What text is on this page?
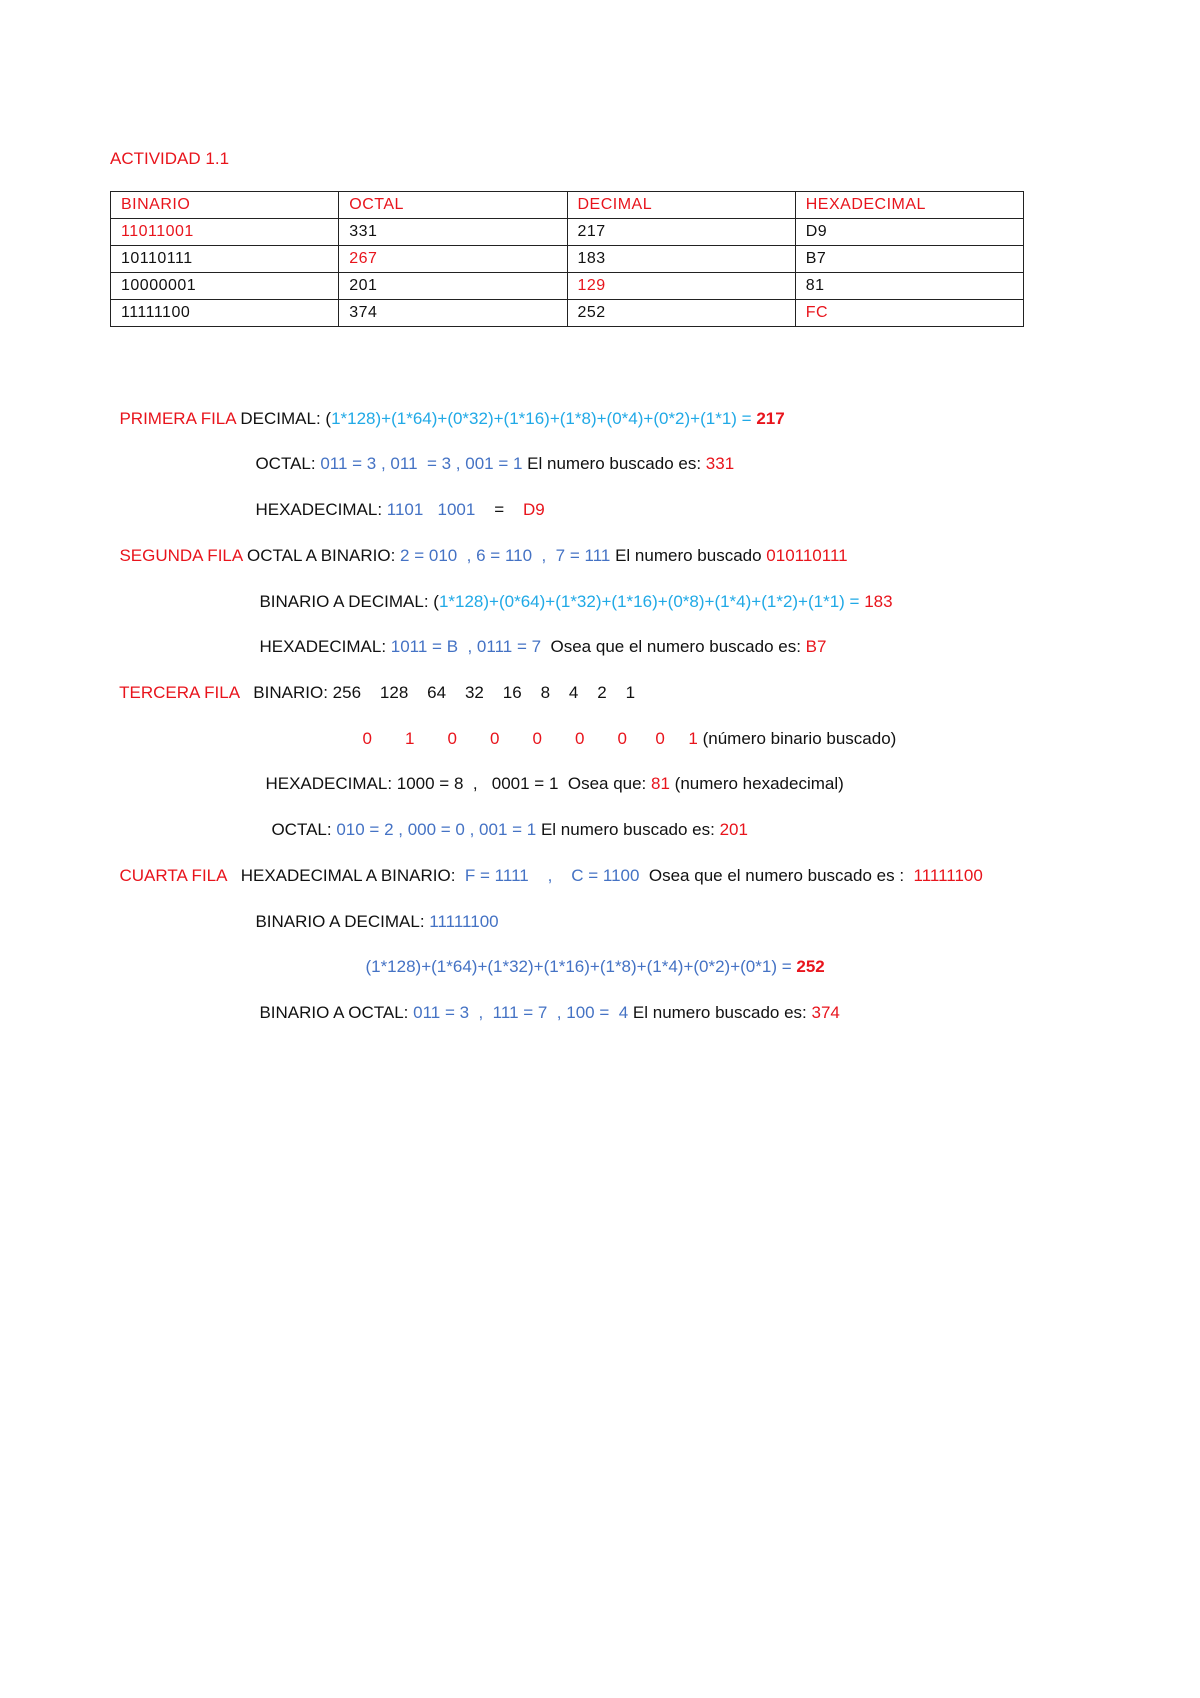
ACTIVIDAD 1.1
BINARIO	OCTAL	DECIMAL	HEXADECIMAL
11011001	331	217	D9
10110111	267	183	B7
10000001	201	129	81
11111100	374	252	FC

PRIMERA FILA DECIMAL: (1*128)+(1*64)+(0*32)+(1*16)+(1*8)+(0*4)+(0*2)+(1*1) = 217

OCTAL: 011 = 3 , 011  = 3 , 001 = 1 El numero buscado es: 331

HEXADECIMAL: 1101   1001    =    D9

SEGUNDA FILA OCTAL A BINARIO: 2 = 010  , 6 = 110  ,  7 = 111 El numero buscado 010110111

BINARIO A DECIMAL: (1*128)+(0*64)+(1*32)+(1*16)+(0*8)+(1*4)+(1*2)+(1*1) = 183

HEXADECIMAL: 1011 = B  , 0111 = 7  Osea que el numero buscado es: B7

TERCERA FILA   BINARIO: 256    128    64    32    16    8    4    2    1

0       1       0       0       0       0       0      0     1 (número binario buscado)

HEXADECIMAL: 1000 = 8  ,   0001 = 1  Osea que: 81 (numero hexadecimal)

OCTAL: 010 = 2 , 000 = 0 , 001 = 1 El numero buscado es: 201

CUARTA FILA   HEXADECIMAL A BINARIO:  F = 1111    ,    C = 1100  Osea que el numero buscado es :  11111100

BINARIO A DECIMAL: 11111100

(1*128)+(1*64)+(1*32)+(1*16)+(1*8)+(1*4)+(0*2)+(0*1) = 252

BINARIO A OCTAL: 011 = 3  ,  111 = 7  , 100 =  4 El numero buscado es: 374
